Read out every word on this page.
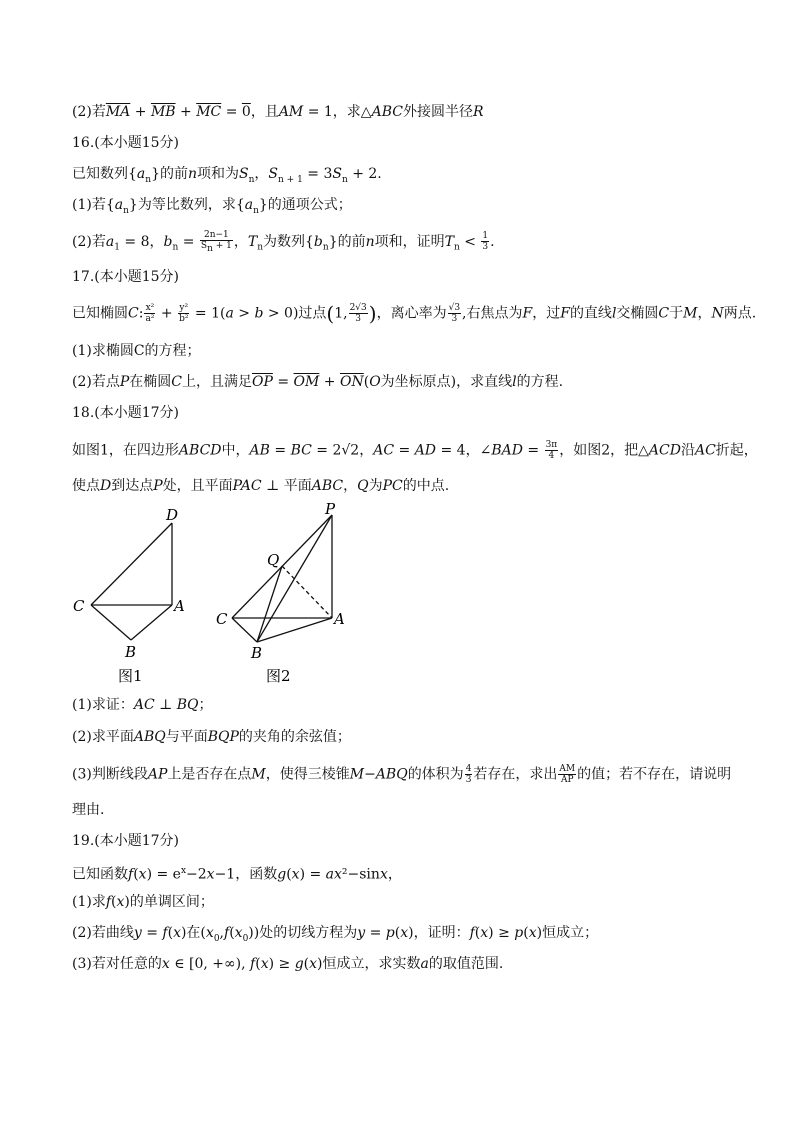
(2)若$\overline{MA} + \overline{MB} + \overline{MC} = 0$，且AM = 1，求△ABC外接圆半径R
16.(本小题15分)
已知数列$\{a_n\}$的前n项和为$S_n$，$S_{n + 1} = 3S_n + 2$.
(1)若$\{a_n\}$为等比数列，求$\{a_n\}$的通项公式；
(2)若$a_1 = 8$，$b_n = \frac{2n-1}{S_n + 1}$ ，$T_n$为数列$\{b_n\}$的前n项和，证明$T_n < \frac{1}{3}$ .
17.(本小题15分)
已知椭圆C: $\frac{\text{x²}}{\text{a²}} + \frac{\text{y²}}{\text{b²}} = 1(a > b > 0)$过点(1, $\frac{2√3}{3}$ )，离心率为 $\frac{√3}{3}$ ,右焦点为F，过F的直线l交椭圆C于M，N两点.
(1)求椭圆C的方程；
(2)若点P在椭圆C上，且满足$\overline{OP} = \overline{OM} + \overline{ON}(O$为坐标原点)，求直线l的方程.
18.(本小题17分)
如图1，在四边形ABCD中，AB = BC = 2√2，AC = AD = 4，∠BAD = $\frac{3\pi}{4}$ ，如图2，把△ACD沿AC折起，
使点D到达点P处，且平面PAC ⊥ 平面ABC，Q为PC的中点.
D
C	A
B
图1
P
Q
C	A
B
图2
(1)求证：AC ⊥ BQ；
(2)求平面ABQ与平面BQP的夹角的余弦值；
(3)判断线段AP上是否存在点M，使得三棱锥M−ABQ的体积为 $\frac{4}{3}$ 若存在，求出 $\frac{AM}{AP}$ 的值；若不存在，请说明
理由.
19.(本小题17分)
已知函数$f(x) = e^x-2x-1$，函数g(x) = ax²−sinx，
(1)求f(x)的单调区间；
(2)若曲线y = f(x)在$(x_0,f(x_0))$处的切线方程为y = p(x)，证明：f(x) ≥ p(x)恒成立；
(3)若对任意的x ∈ [0, +∞), f(x) ≥ g(x)恒成立，求实数a的取值范围.
